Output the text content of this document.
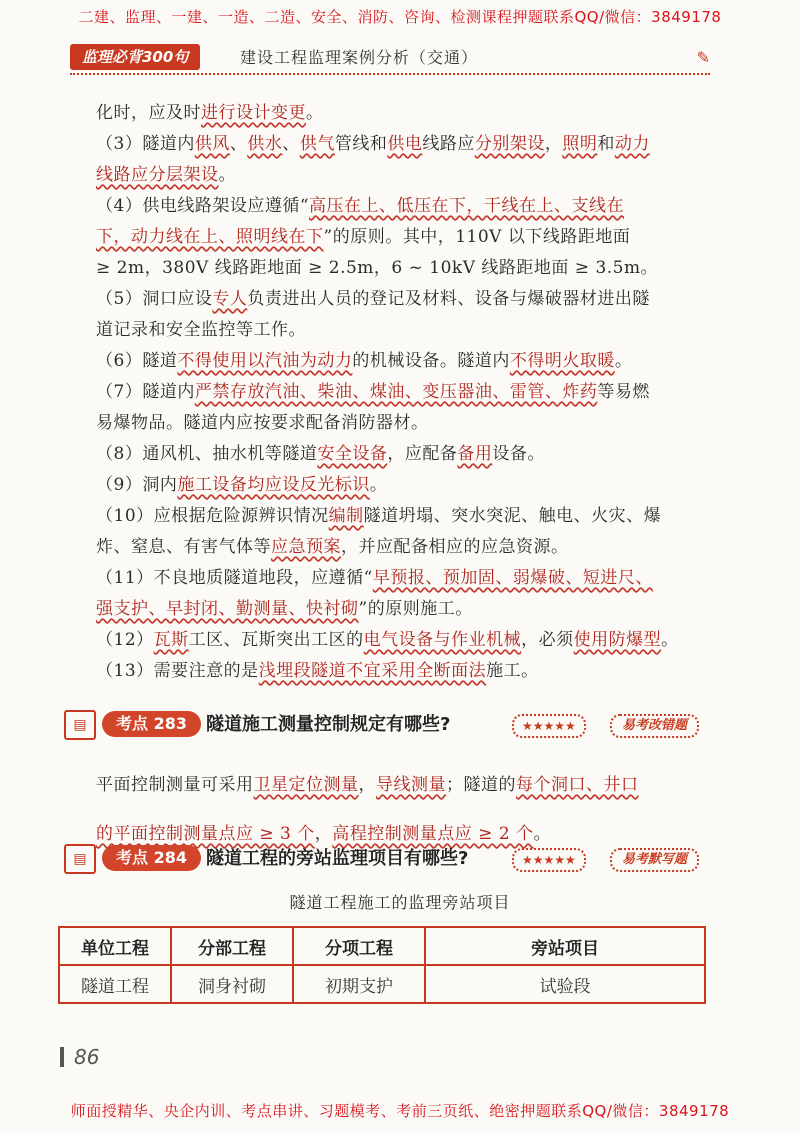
二建、监理、一建、一造、二造、安全、消防、咨询、检测课程押题联系QQ/微信：3849178
监理必背300句	建设工程监理案例分析（交通）	✎

化时，应及时进行设计变更。

（3）隧道内供风、供水、供气管线和供电线路应分别架设，照明和动力

线路应分层架设。

（4）供电线路架设应遵循“高压在上、低压在下，干线在上、支线在

下，动力线在上、照明线在下”的原则。其中，110V 以下线路距地面

≥ 2m，380V 线路距地面 ≥ 2.5m，6 ~ 10kV 线路距地面 ≥ 3.5m。

（5）洞口应设专人负责进出人员的登记及材料、设备与爆破器材进出隧

道记录和安全监控等工作。

（6）隧道不得使用以汽油为动力的机械设备。隧道内不得明火取暖。

（7）隧道内严禁存放汽油、柴油、煤油、变压器油、雷管、炸药等易燃

易爆物品。隧道内应按要求配备消防器材。

（8）通风机、抽水机等隧道安全设备，应配备备用设备。

（9）洞内施工设备均应设反光标识。

（10）应根据危险源辨识情况编制隧道坍塌、突水突泥、触电、火灾、爆

炸、窒息、有害气体等应急预案，并应配备相应的应急资源。

（11）不良地质隧道地段，应遵循“早预报、预加固、弱爆破、短进尺、

强支护、早封闭、勤测量、快衬砌”的原则施工。

（12）瓦斯工区、瓦斯突出工区的电气设备与作业机械，必须使用防爆型。

（13）需要注意的是浅埋段隧道不宜采用全断面法施工。

▤	考点 283	隧道施工测量控制规定有哪些?	★★★★★	易考改错题

平面控制测量可采用卫星定位测量，导线测量；隧道的每个洞口、井口

的平面控制测量点应 ≥ 3 个，高程控制测量点应 ≥ 2 个。

▤	考点 284	隧道工程的旁站监理项目有哪些?	★★★★★	易考默写题
隧道工程施工的监理旁站项目
单位工程	分部工程	分项工程	旁站项目
隧道工程	洞身衬砌	初期支护	试验段
86
师面授精华、央企内训、考点串讲、习题模考、考前三页纸、绝密押题联系QQ/微信：3849178
